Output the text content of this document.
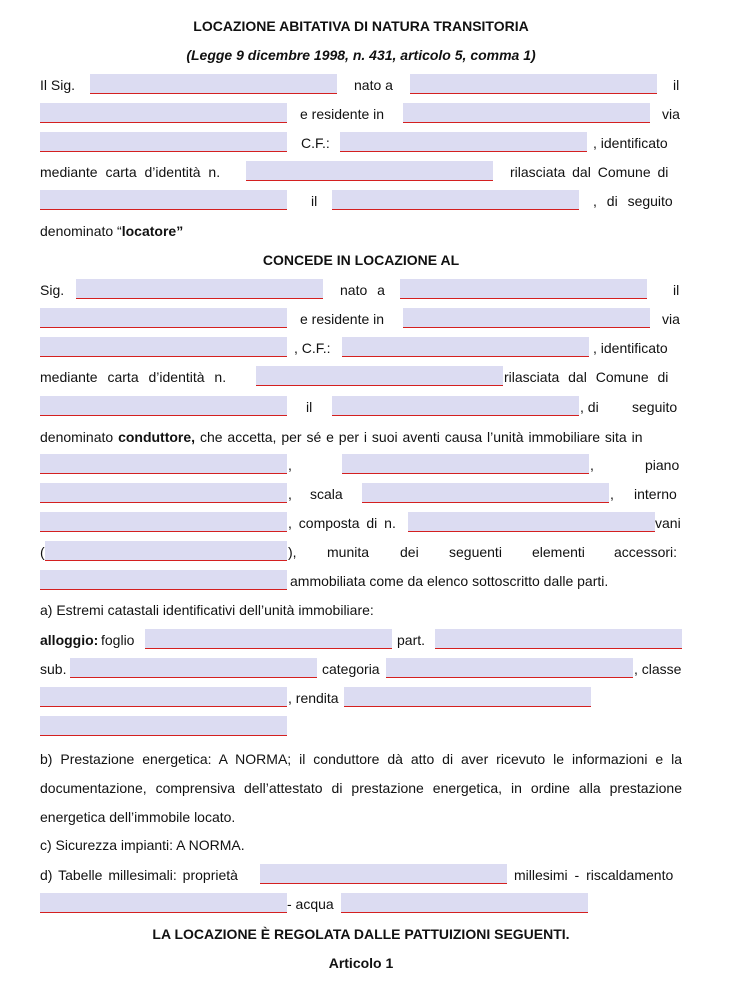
LOCAZIONE ABITATIVA DI NATURA TRANSITORIA
(Legge 9 dicembre 1998, n. 431, articolo 5, comma 1)
Il Sig.	nato a	il
e residente in	via
C.F.:	, identificato
mediante carta d’identità n.	rilasciata dal Comune di
il	, di seguito
denominato “locatore”
CONCEDE IN LOCAZIONE AL
Sig.	nato a	il
e residente in	via
, C.F.:	, identificato
mediante carta d’identità n.	rilasciata dal Comune di
il	, di seguito
denominato conduttore, che accetta, per sé e per i suoi aventi causa l’unità immobiliare sita in
,	,	piano
, scala	, interno
, composta di n.	vani
(	), munita dei seguenti elementi accessori:
ammobiliata come da elenco sottoscritto dalle parti.
a) Estremi catastali identificativi dell’unità immobiliare:
alloggio: foglio	part.
sub.	categoria	, classe
, rendita
b) Prestazione energetica: A NORMA; il conduttore dà atto di aver ricevuto le informazioni e la
documentazione, comprensiva dell’attestato di prestazione energetica, in ordine alla prestazione
energetica dell’immobile locato.
c) Sicurezza impianti: A NORMA.
d) Tabelle millesimali: proprietà	millesimi - riscaldamento
- acqua
LA LOCAZIONE È REGOLATA DALLE PATTUIZIONI SEGUENTI.
Articolo 1
